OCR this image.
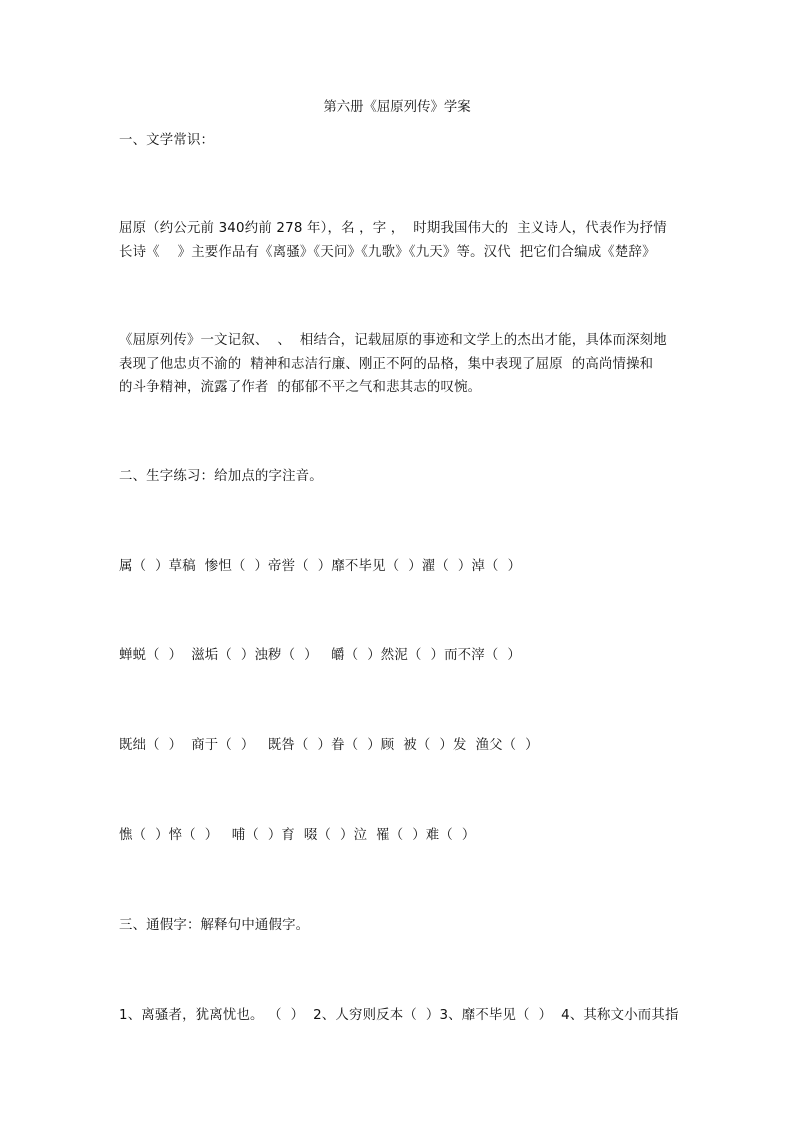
第六册《屈原列传》学案
一、文学常识：
屈原（约公元前 340约前 278 年），名 ，字 ，  时期我国伟大的  主义诗人，代表作为抒情
长诗《    》主要作品有《离骚》《天问》《九歌》《九天》等。汉代  把它们合编成《楚辞》
《屈原列传》一文记叙、  、  相结合，记载屈原的事迹和文学上的杰出才能，具体而深刻地
表现了他忠贞不渝的  精神和志洁行廉、刚正不阿的品格，集中表现了屈原  的高尚情操和
的斗争精神，流露了作者  的郁郁不平之气和悲其志的叹惋。
二、生字练习：给加点的字注音。
属（  ）草稿  惨怛（  ）帝喾（  ）靡不毕见（  ）濯（  ）淖（  ）
蝉蜕（  ）  滋垢（  ）浊秽（  ）   皭（  ）然泥（  ）而不滓（  ）
既绌（  ）  商于（  ）   既咎（  ）眷（  ）顾  被（  ）发  渔父（  ）
憔（  ）悴（  ）   哺（  ）育  啜（  ）泣  罹（  ）难（  ）
三、通假字：解释句中通假字。
1、离骚者，犹离忧也。 （  ）  2、人穷则反本（  ）3、靡不毕见（  ）  4、其称文小而其指
